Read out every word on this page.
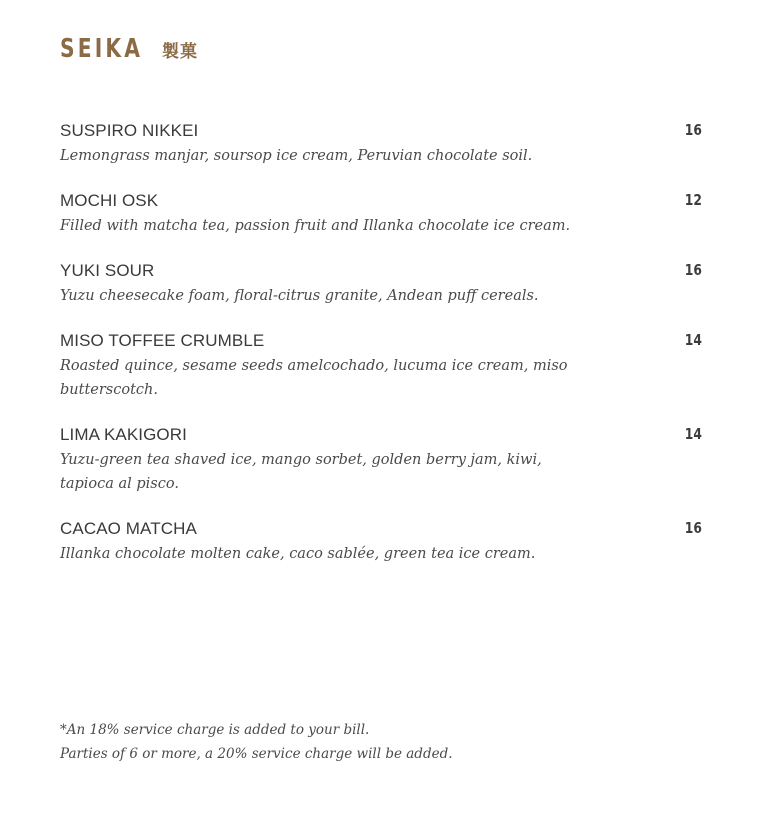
SEIKA 製菓
SUSPIRO NIKKEI
Lemongrass manjar, soursop ice cream, Peruvian chocolate soil.
16
MOCHI OSK
Filled with matcha tea, passion fruit and Illanka chocolate ice cream.
12
YUKI SOUR
Yuzu cheesecake foam, floral-citrus granite, Andean puff cereals.
16
MISO TOFFEE CRUMBLE
Roasted quince, sesame seeds amelcochado, lucuma ice cream, miso butterscotch.
14
LIMA KAKIGORI
Yuzu-green tea shaved ice, mango sorbet, golden berry jam, kiwi, tapioca al pisco.
14
CACAO MATCHA
Illanka chocolate molten cake, caco sablée, green tea ice cream.
16
*An 18% service charge is added to your bill.
Parties of 6 or more, a 20% service charge will be added.
